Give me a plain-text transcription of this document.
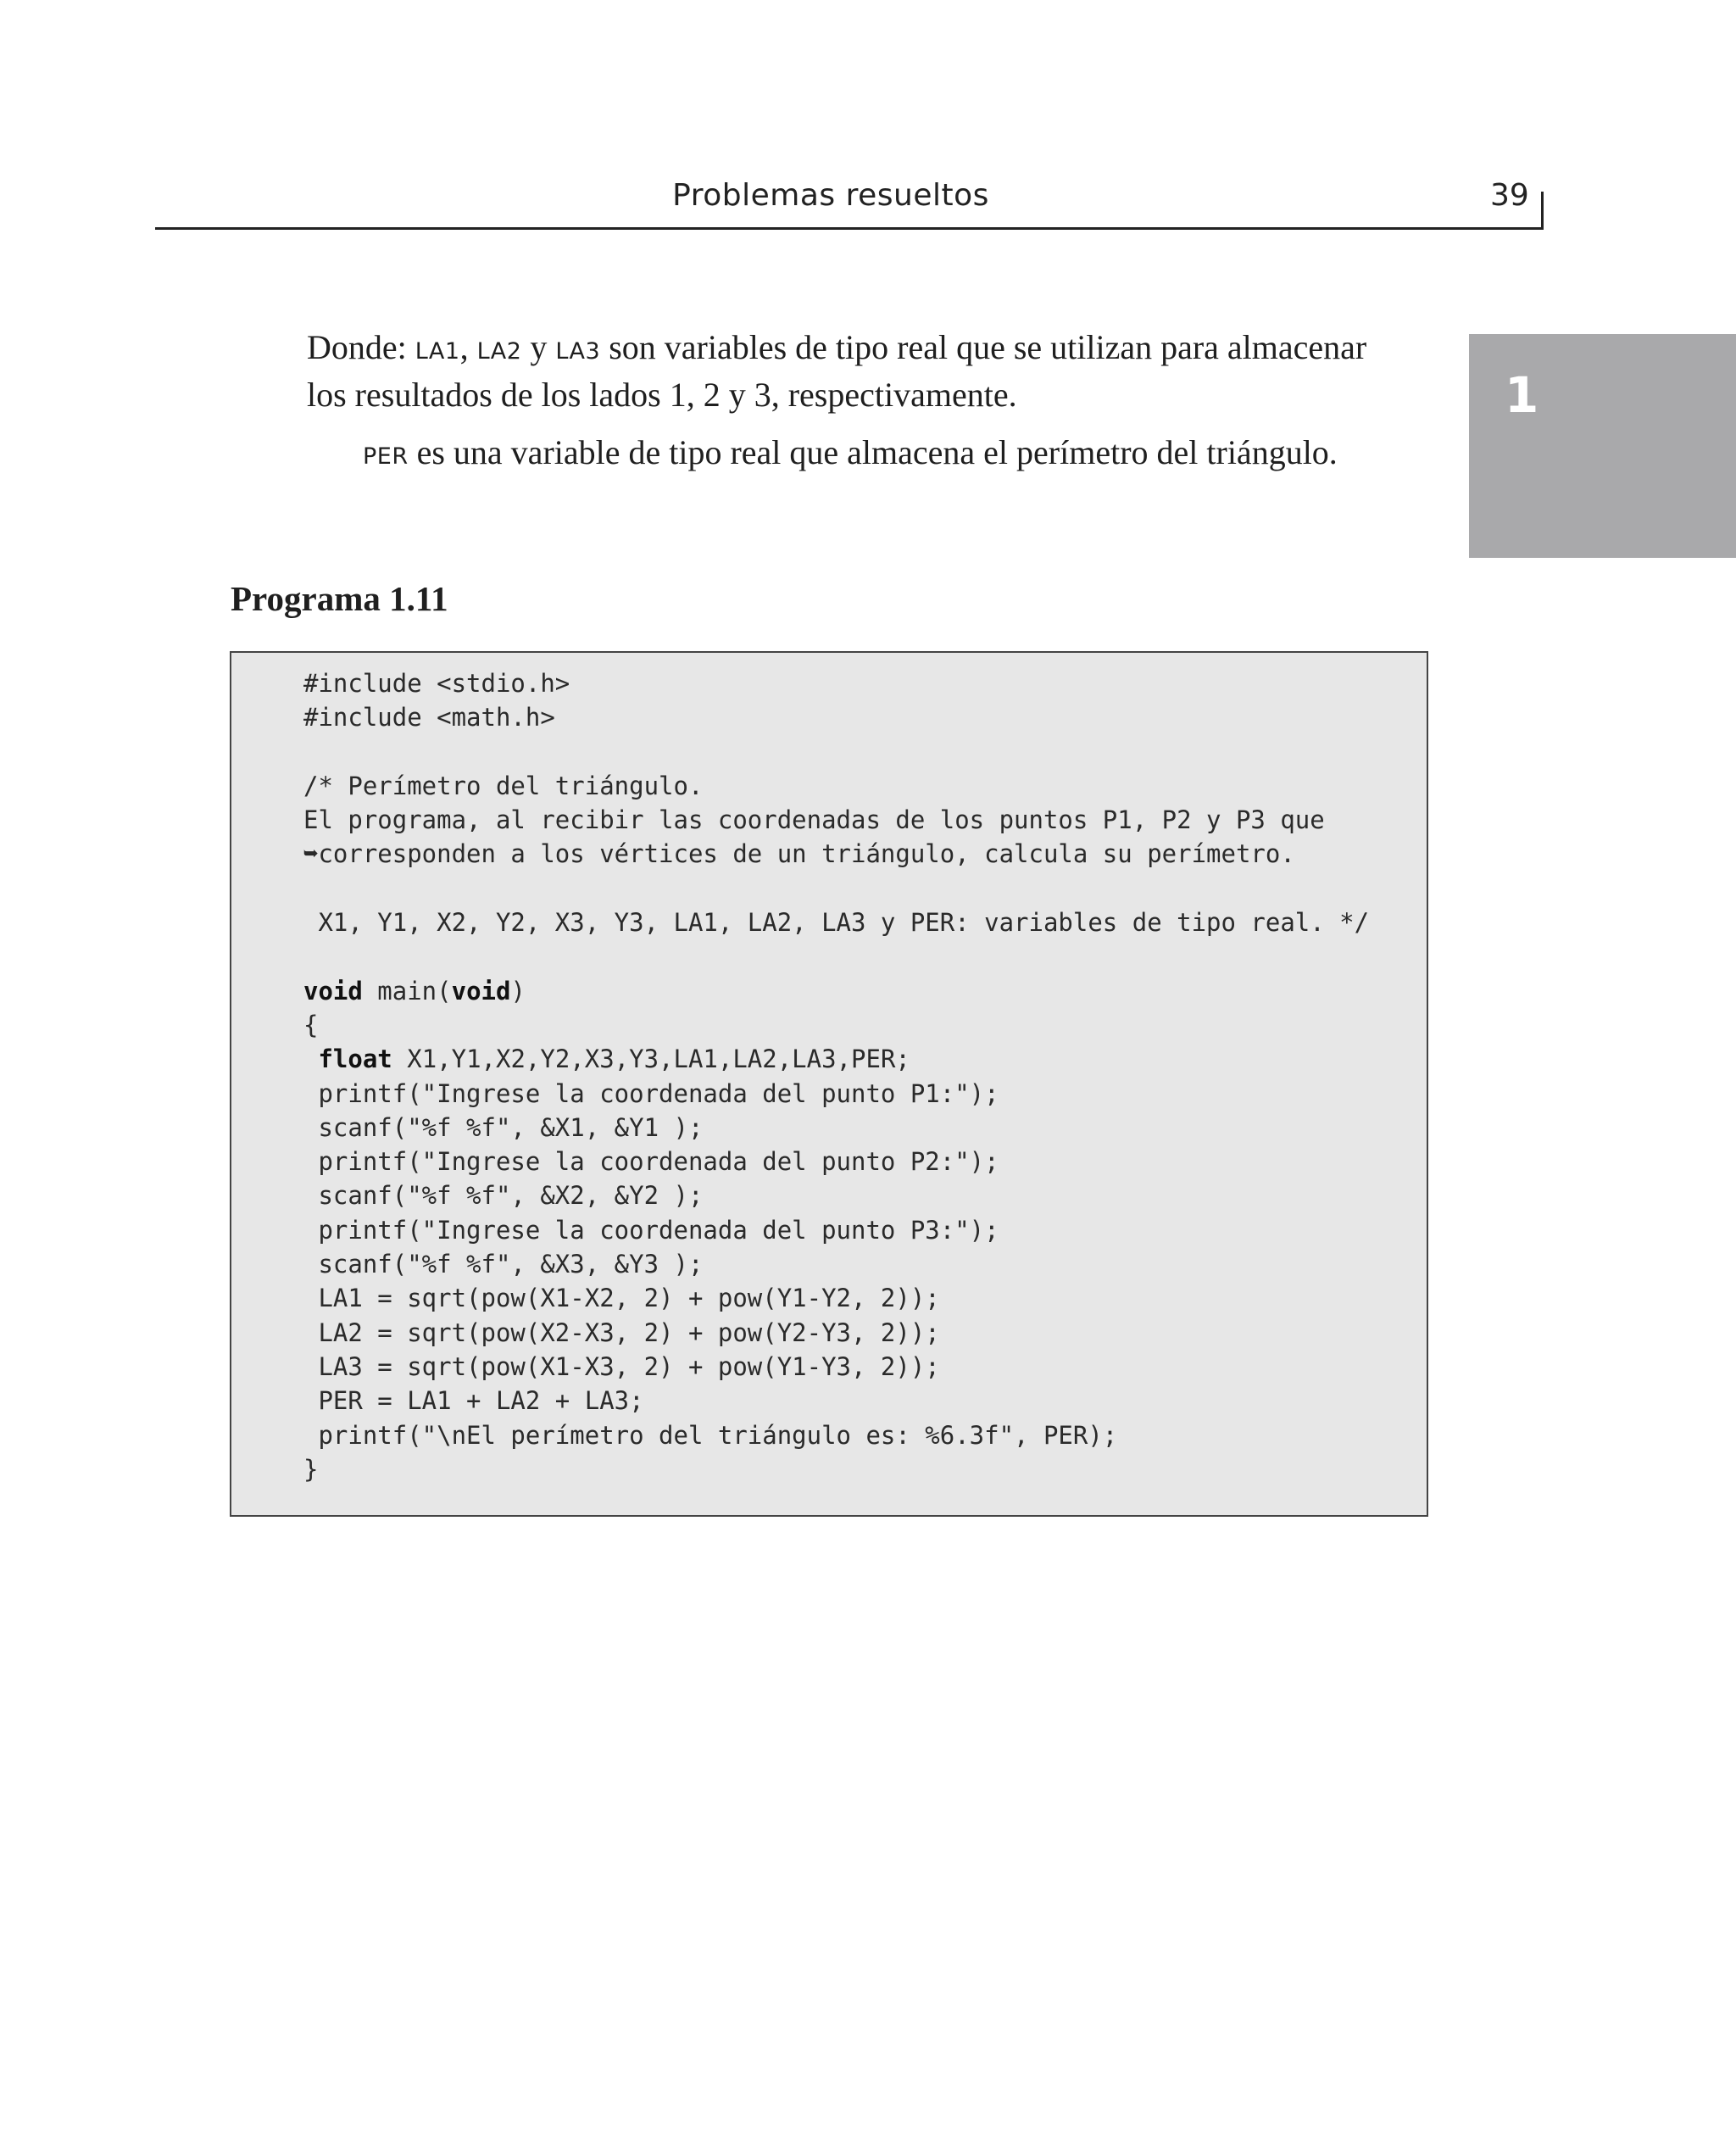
Problemas resueltos	39
1
Donde: LA1, LA2 y LA3 son variables de tipo real que se utilizan para almacenar
los resultados de los lados 1, 2 y 3, respectivamente.
PER es una variable de tipo real que almacena el perímetro del triángulo.
Programa 1.11
#include <stdio.h>
#include <math.h>

/* Perímetro del triángulo.
El programa, al recibir las coordenadas de los puntos P1, P2 y P3 que
➥corresponden a los vértices de un triángulo, calcula su perímetro.

X1, Y1, X2, Y2, X3, Y3, LA1, LA2, LA3 y PER: variables de tipo real. */

void main(void)
{
float X1,Y1,X2,Y2,X3,Y3,LA1,LA2,LA3,PER;
printf("Ingrese la coordenada del punto P1:");
scanf("%f %f", &X1, &Y1 );
printf("Ingrese la coordenada del punto P2:");
scanf("%f %f", &X2, &Y2 );
printf("Ingrese la coordenada del punto P3:");
scanf("%f %f", &X3, &Y3 );
LA1 = sqrt(pow(X1-X2, 2) + pow(Y1-Y2, 2));
LA2 = sqrt(pow(X2-X3, 2) + pow(Y2-Y3, 2));
LA3 = sqrt(pow(X1-X3, 2) + pow(Y1-Y3, 2));
PER = LA1 + LA2 + LA3;
printf("\nEl perímetro del triángulo es: %6.3f", PER);
}
